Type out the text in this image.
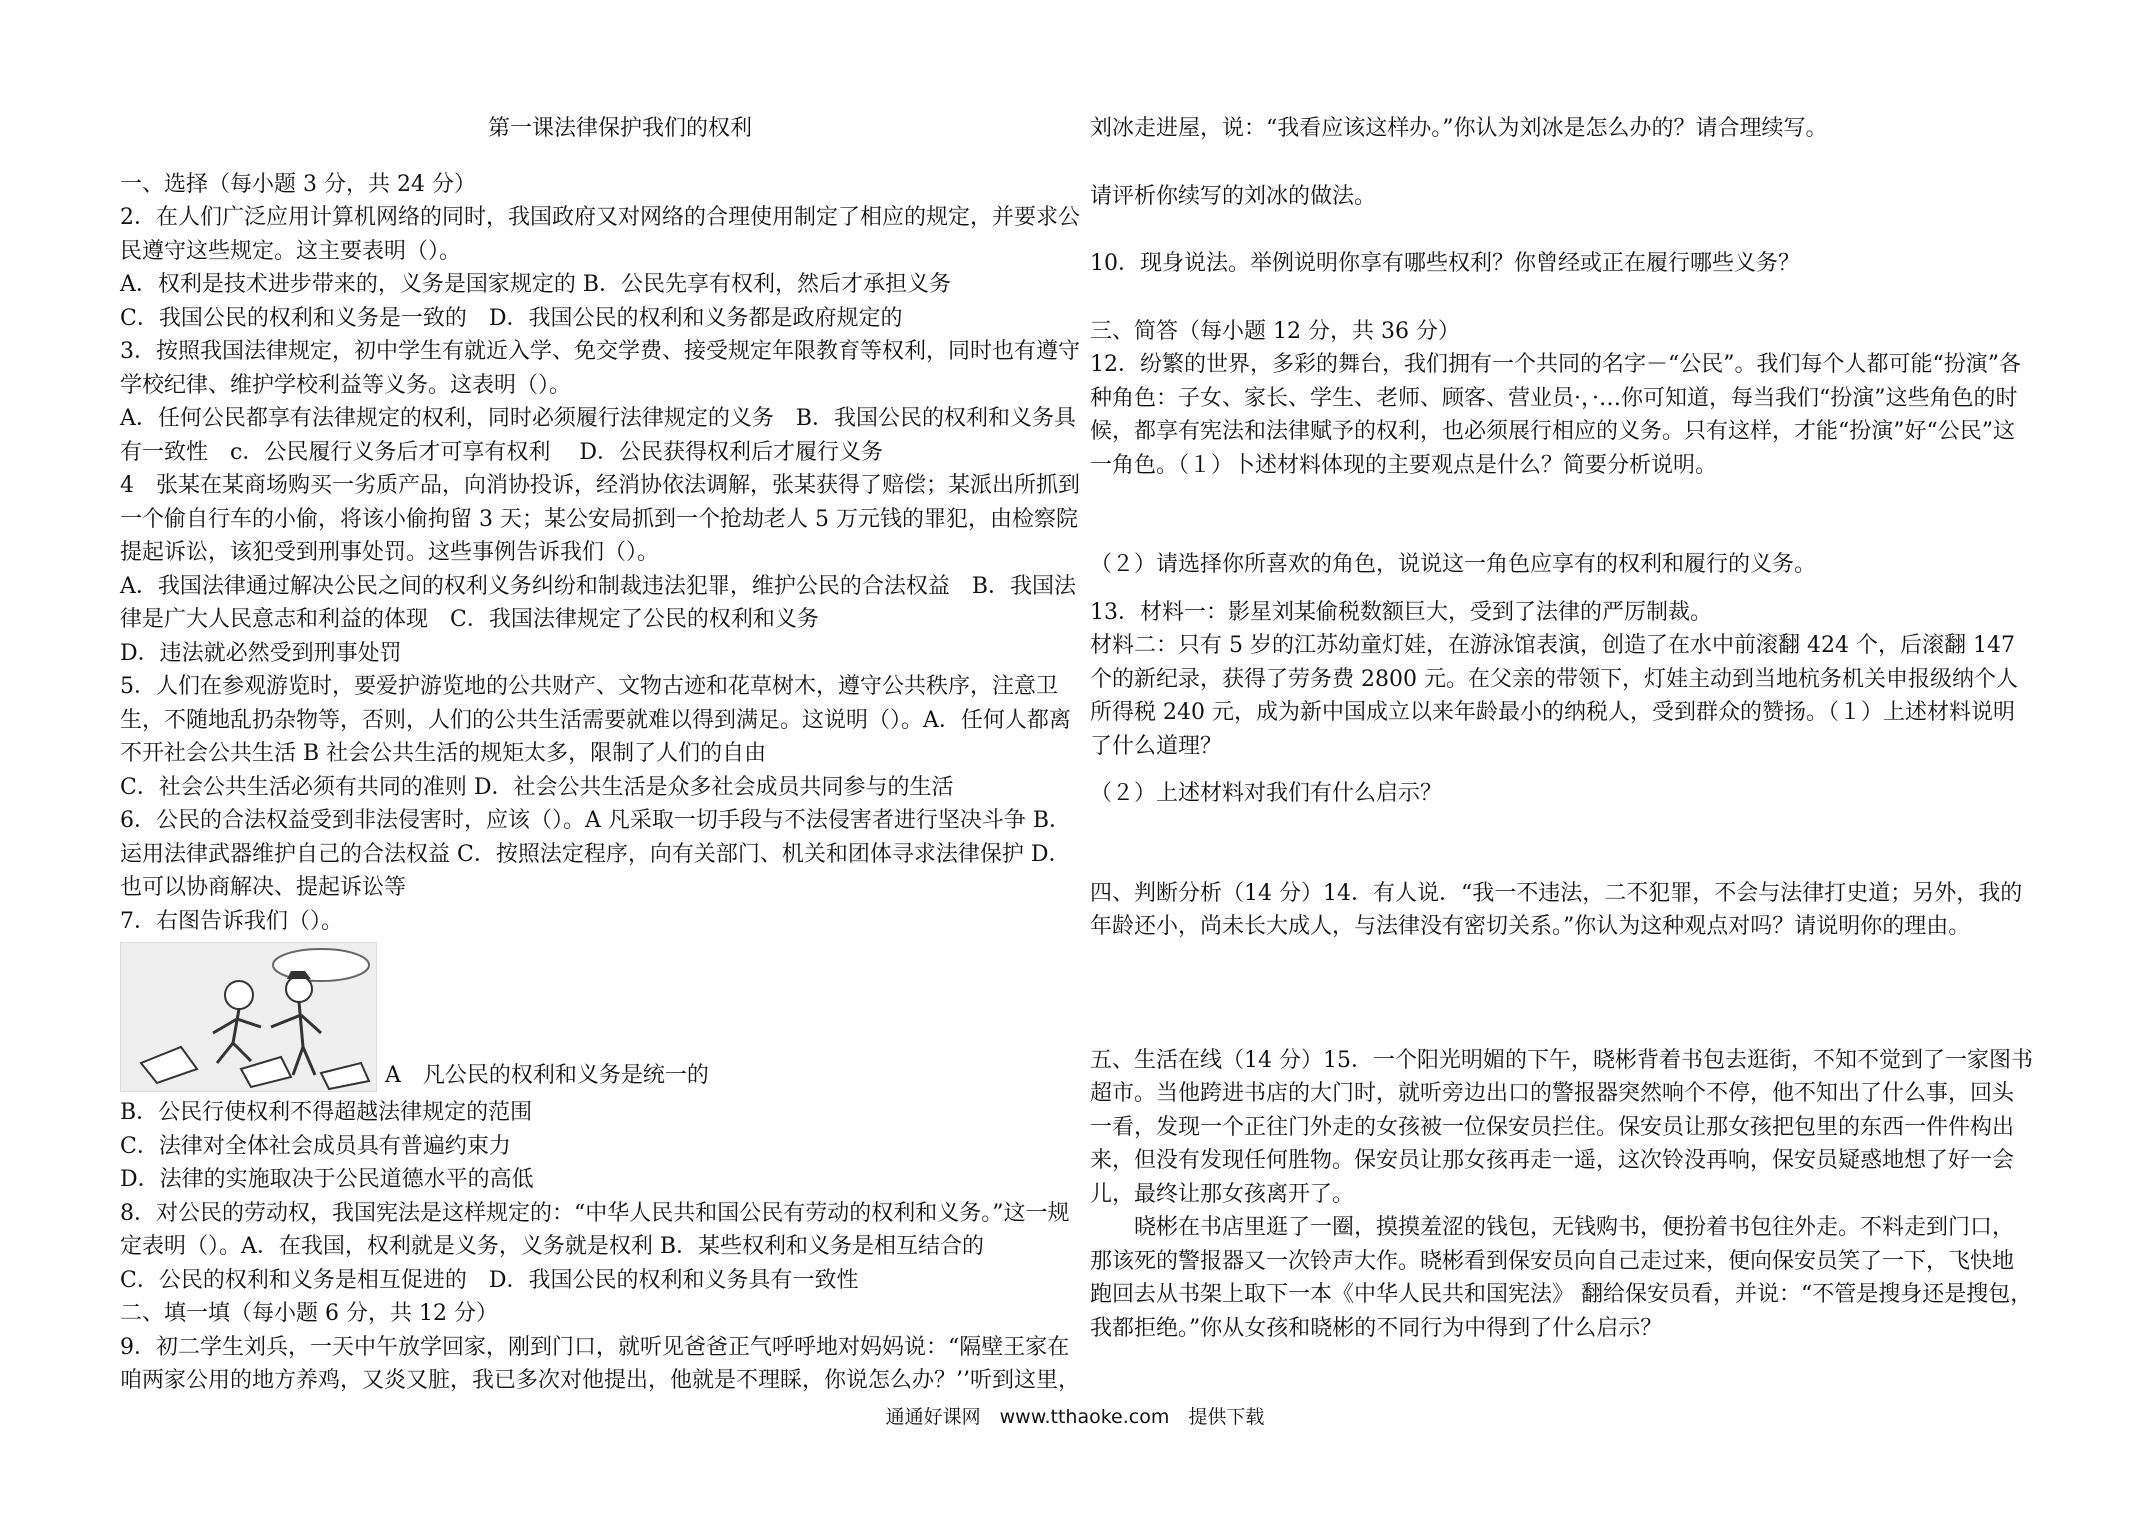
第一课法律保护我们的权利

一、选择（每小题 3 分，共 24 分）

2．在人们广泛应用计算机网络的同时，我国政府又对网络的合理使用制定了相应的规定，并要求公民遵守这些规定。这主要表明（）。

A．权利是技术进步带来的，义务是国家规定的 B．公民先享有权利，然后才承担义务

C．我国公民的权利和义务是一致的　D．我国公民的权利和义务都是政府规定的

3．按照我国法律规定，初中学生有就近入学、免交学费、接受规定年限教育等权利，同时也有遵守学校纪律、维护学校利益等义务。这表明（）。

A．任何公民都享有法律规定的权利，同时必须履行法律规定的义务　B．我国公民的权利和义务具有一致性　c．公民履行义务后才可享有权利　 D．公民获得权利后才履行义务

4　张某在某商场购买一劣质产品，向消协投诉，经消协依法调解，张某获得了赔偿；某派出所抓到一个偷自行车的小偷，将该小偷拘留 3 天；某公安局抓到一个抢劫老人 5 万元钱的罪犯，由检察院提起诉讼，该犯受到刑事处罚。这些事例告诉我们（）。

A．我国法律通过解决公民之间的权利义务纠纷和制裁违法犯罪，维护公民的合法权益　B．我国法律是广大人民意志和利益的体现　C．我国法律规定了公民的权利和义务

D．违法就必然受到刑事处罚

5．人们在参观游览时，要爱护游览地的公共财产、文物古迹和花草树木，遵守公共秩序，注意卫生，不随地乱扔杂物等，否则，人们的公共生活需要就难以得到满足。这说明（）。A．任何人都离不开社会公共生活 B 社会公共生活的规矩太多，限制了人们的自由

C．社会公共生活必须有共同的准则 D．社会公共生活是众多社会成员共同参与的生活

6．公民的合法权益受到非法侵害时，应该（）。A 凡采取一切手段与不法侵害者进行坚决斗争 B．运用法律武器维护自己的合法权益 C．按照法定程序，向有关部门、机关和团体寻求法律保护 D．也可以协商解决、提起诉讼等

7．右图告诉我们（）。

A　凡公民的权利和义务是统一的

B．公民行使权利不得超越法律规定的范围

C．法律对全体社会成员具有普遍约束力

D．法律的实施取决于公民道德水平的高低

8．对公民的劳动权，我国宪法是这样规定的：“中华人民共和国公民有劳动的权利和义务。”这一规定表明（）。A．在我国，权利就是义务，义务就是权利 B．某些权利和义务是相互结合的

C．公民的权利和义务是相互促进的　D．我国公民的权利和义务具有一致性

二、填一填（每小题 6 分，共 12 分）

9．初二学生刘兵，一天中午放学回家，刚到门口，就听见爸爸正气呼呼地对妈妈说：“隔壁王家在咱两家公用的地方养鸡，又炎又脏，我已多次对他提出，他就是不理睬，你说怎么办？’’听到这里，

刘冰走进屋，说：“我看应该这样办。”你认为刘冰是怎么办的？请合理续写。

请评析你续写的刘冰的做法。

10．现身说法。举例说明你享有哪些权利？你曾经或正在履行哪些义务？

三、简答（每小题 12 分，共 36 分）

12．纷繁的世界，多彩的舞台，我们拥有一个共同的名字－“公民”。我们每个人都可能“扮演”各种角色：子女、家长、学生、老师、顾客、营业员·，·…你可知道，每当我们“扮演”这些角色的时候，都享有宪法和法律赋予的权利，也必须展行相应的义务。只有这样，才能“扮演”好“公民”这一角色。（１）卜述材料体现的主要观点是什么？简要分析说明。

（２）请选择你所喜欢的角色，说说这一角色应享有的权利和履行的义务。

13．材料一：影星刘某偷税数额巨大，受到了法律的严厉制裁。

材料二：只有 5 岁的江苏幼童灯娃，在游泳馆表演，创造了在水中前滚翻 424 个，后滚翻 147 个的新纪录，获得了劳务费 2800 元。在父亲的带领下，灯娃主动到当地杭务机关申报级纳个人所得税 240 元，成为新中国成立以来年龄最小的纳税人，受到群众的赞扬。（１）上述材料说明了什么道理？

（２）上述材料对我们有什么启示？

四、判断分析（14 分）14．有人说．“我一不违法，二不犯罪，不会与法律打史道；另外，我的年龄还小，尚未长大成人，与法律没有密切关系。”你认为这种观点对吗？请说明你的理由。

五、生活在线（14 分）15．一个阳光明媚的下午，晓彬背着书包去逛街，不知不觉到了一家图书超市。当他跨进书店的大门时，就听旁边出口的警报器突然响个不停，他不知出了什么事，回头一看，发现一个正往门外走的女孩被一位保安员拦住。保安员让那女孩把包里的东西一件件构出来，但没有发现任何胜物。保安员让那女孩再走一遥，这次铃没再响，保安员疑惑地想了好一会儿，最终让那女孩离开了。

晓彬在书店里逛了一圈，摸摸羞涩的钱包，无钱购书，便扮着书包往外走。不料走到门口，那该死的警报器又一次铃声大作。晓彬看到保安员向自己走过来，便向保安员笑了一下，飞快地跑回去从书架上取下一本《中华人民共和国宪法》 翻给保安员看，并说：“不管是搜身还是搜包，我都拒绝。”你从女孩和晓彬的不同行为中得到了什么启示？

通通好课网　www.tthaoke.com　提供下载
